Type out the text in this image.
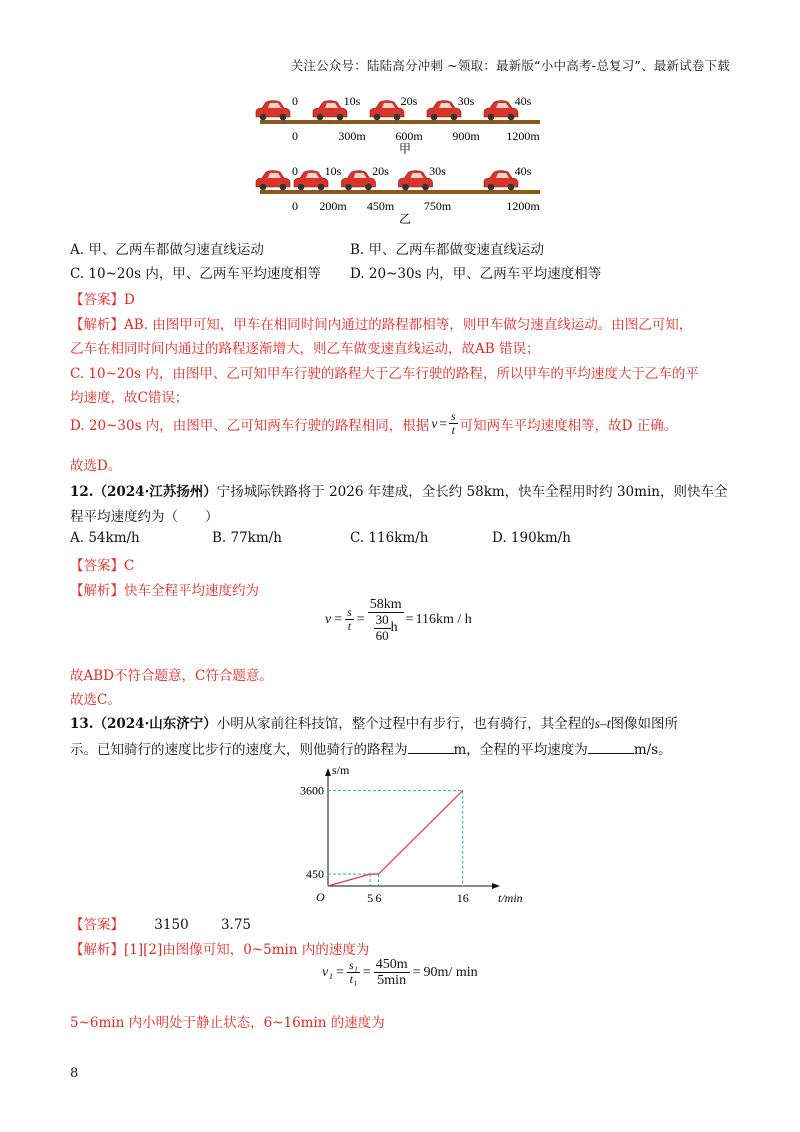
关注公众号：陆陆高分冲刺 ~领取：最新版“小中高考-总复习”、最新试卷下载
0
0
10s
300m
20s
600m
30s
900m
40s
1200m
甲
0
0
10s
200m
20s
450m
30s
750m
40s
1200m
乙
A. 甲、乙两车都做匀速直线运动	B. 甲、乙两车都做变速直线运动
C. 10~20s 内，甲、乙两车平均速度相等 D. 20~30s 内，甲、乙两车平均速度相等
【答案】D
【解析】AB. 由图甲可知，甲车在相同时间内通过的路程都相等，则甲车做匀速直线运动。由图乙可知，
乙车在相同时间内通过的路程逐渐增大，则乙车做变速直线运动，故AB 错误；
C. 10~20s 内，由图甲、乙可知甲车行驶的路程大于乙车行驶的路程，所以甲车的平均速度大于乙车的平
均速度，故C错误；
D. 20~30s 内，由图甲、乙可知两车行驶的路程相同，根据 $v = \frac{s}{t}$ 可知两车平均速度相等，故D 正确。
故选D。
12.（2024·江苏扬州）宁扬城际铁路将于 2026 年建成，全长约 58km，快车全程用时约 30min，则快车全
程平均速度约为（　　）
A. 54km/h	B. 77km/h	C. 116km/h	D. 190km/h
【答案】C
【解析】快车全程平均速度约为
$v = \frac{s}{t} = \frac{58km}{\frac{30}{60} h} = 116km / h$
故ABD不符合题意，C符合题意。
故选C。
13.（2024·山东济宁）小明从家前往科技馆，整个过程中有步行，也有骑行，其全程的s–t图像如图所
示。已知骑行的速度比步行的速度大，则他骑行的路程为	m，全程的平均速度为	m/s。
s/m
t/min
O	5 6	16
450
3600
【答案】 3150 3.75
【解析】[1][2]由图像可知，0~5min 内的速度为
$v_1 = \frac{\text{s₁}}{\text{t₁}} = \frac{450m}{5\min} = 90m/$ min
5~6min 内小明处于静止状态，6~16min 的速度为
8
